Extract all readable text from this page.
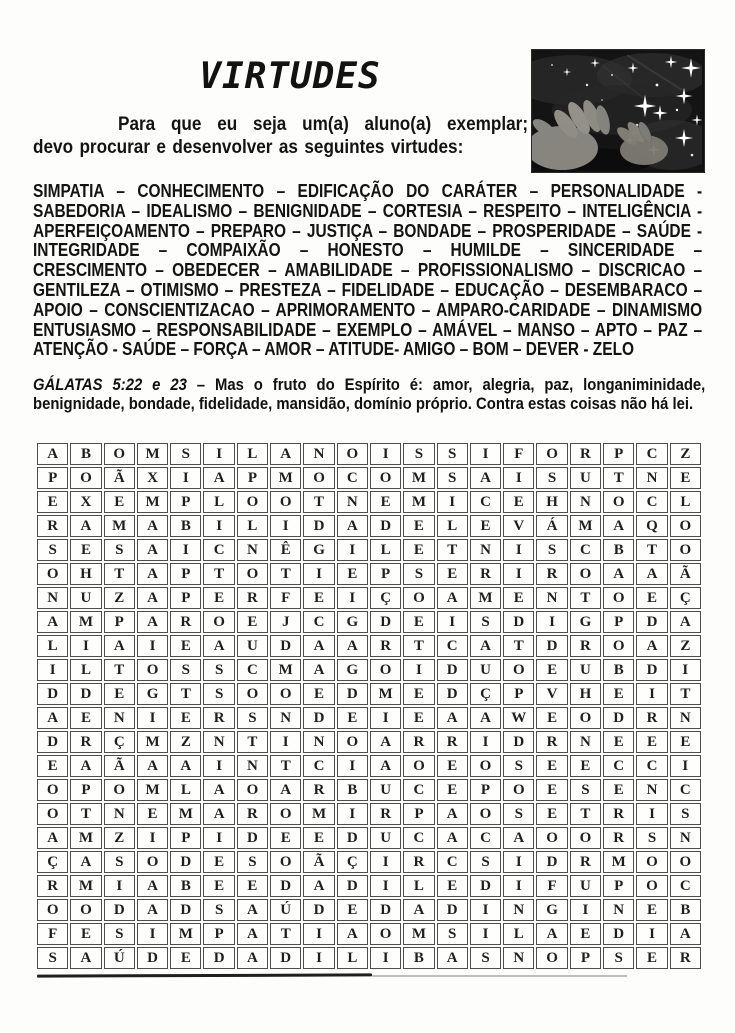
VIRTUDES
Para que eu seja um(a) aluno(a) exemplar;
devo procurar e desenvolver as seguintes virtudes:
SIMPATIA – CONHECIMENTO – EDIFICAÇÃO DO CARÁTER – PERSONALIDADE -
SABEDORIA – IDEALISMO – BENIGNIDADE – CORTESIA – RESPEITO – INTELIGÊNCIA -
APERFEIÇOAMENTO – PREPARO – JUSTIÇA – BONDADE – PROSPERIDADE – SAÚDE -
INTEGRIDADE – COMPAIXÃO – HONESTO – HUMILDE – SINCERIDADE –
CRESCIMENTO – OBEDECER – AMABILIDADE – PROFISSIONALISMO – DISCRICAO –
GENTILEZA – OTIMISMO – PRESTEZA – FIDELIDADE – EDUCAÇÃO – DESEMBARACO –
APOIO – CONSCIENTIZACAO – APRIMORAMENTO – AMPARO-CARIDADE – DINAMISMO
ENTUSIASMO – RESPONSABILIDADE – EXEMPLO – AMÁVEL – MANSO – APTO – PAZ –
ATENÇÃO - SAÚDE – FORÇA – AMOR – ATITUDE- AMIGO – BOM – DEVER - ZELO
GÁLATAS 5:22 e 23 – Mas o fruto do Espírito é: amor, alegria, paz, longaniminidade,
benignidade, bondade, fidelidade, mansidão, domínio próprio. Contra estas coisas não há lei.
A	B	O	M	S	I	L	A	N	O	I	S	S	I	F	O	R	P	C	Z
P	O	Ã	X	I	A	P	M	O	C	O	M	S	A	I	S	U	T	N	E
E	X	E	M	P	L	O	O	T	N	E	M	I	C	E	H	N	O	C	L
R	A	M	A	B	I	L	I	D	A	D	E	L	E	V	Á	M	A	Q	O
S	E	S	A	I	C	N	Ê	G	I	L	E	T	N	I	S	C	B	T	O
O	H	T	A	P	T	O	T	I	E	P	S	E	R	I	R	O	A	A	Ã
N	U	Z	A	P	E	R	F	E	I	Ç	O	A	M	E	N	T	O	E	Ç
A	M	P	A	R	O	E	J	C	G	D	E	I	S	D	I	G	P	D	A
L	I	A	I	E	A	U	D	A	A	R	T	C	A	T	D	R	O	A	Z
I	L	T	O	S	S	C	M	A	G	O	I	D	U	O	E	U	B	D	I
D	D	E	G	T	S	O	O	E	D	M	E	D	Ç	P	V	H	E	I	T
A	E	N	I	E	R	S	N	D	E	I	E	A	A	W	E	O	D	R	N
D	R	Ç	M	Z	N	T	I	N	O	A	R	R	I	D	R	N	E	E	E
E	A	Ã	A	A	I	N	T	C	I	A	O	E	O	S	E	E	C	C	I
O	P	O	M	L	A	O	A	R	B	U	C	E	P	O	E	S	E	N	C
O	T	N	E	M	A	R	O	M	I	R	P	A	O	S	E	T	R	I	S
A	M	Z	I	P	I	D	E	E	D	U	C	A	C	A	O	O	R	S	N
Ç	A	S	O	D	E	S	O	Ã	Ç	I	R	C	S	I	D	R	M	O	O
R	M	I	A	B	E	E	D	A	D	I	L	E	D	I	F	U	P	O	C
O	O	D	A	D	S	A	Ú	D	E	D	A	D	I	N	G	I	N	E	B
F	E	S	I	M	P	A	T	I	A	O	M	S	I	L	A	E	D	I	A
S	A	Ú	D	E	D	A	D	I	L	I	B	A	S	N	O	P	S	E	R
